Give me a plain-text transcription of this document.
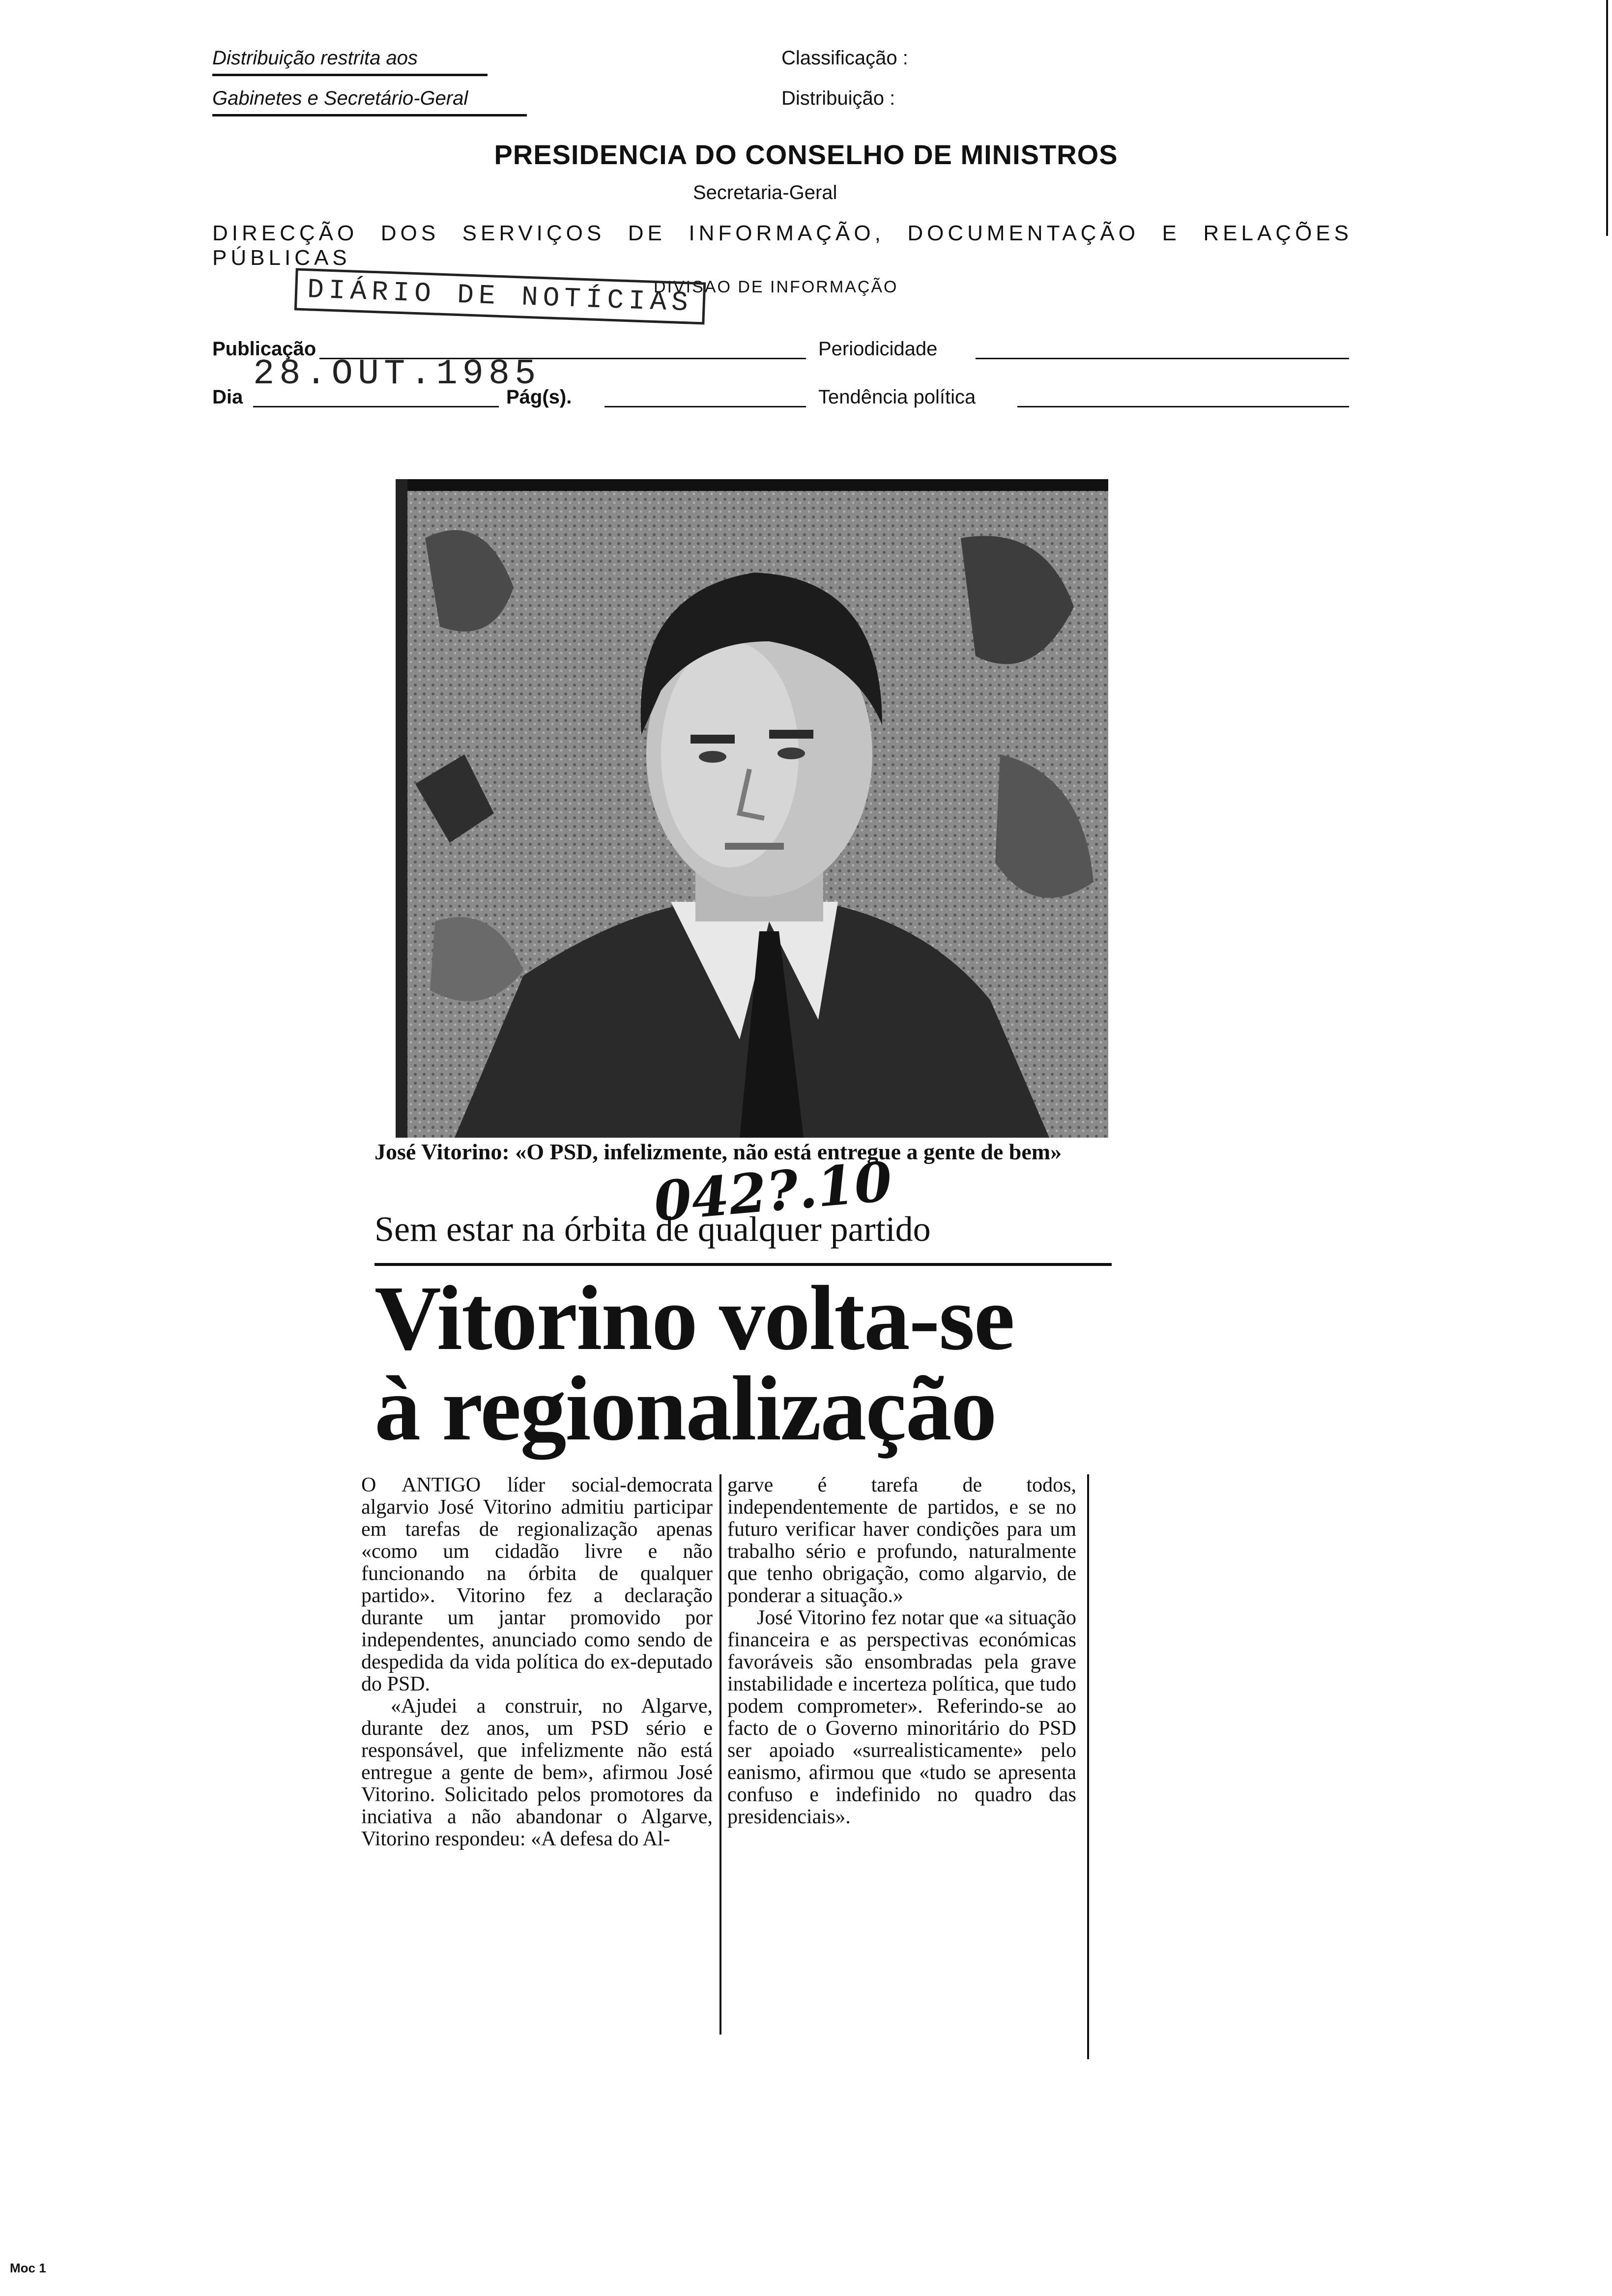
Distribuição restrita aos
Gabinetes e Secretário-Geral
Classificação :
Distribuição :
PRESIDENCIA DO CONSELHO DE MINISTROS
Secretaria-Geral
DIRECÇÃO DOS SERVIÇOS DE INFORMAÇÃO, DOCUMENTAÇÃO E RELAÇÕES PÚBLICAS
DIVISAO DE INFORMAÇÃO
DIÁRIO DE NOTÍCIAS
Publicação	Periodicidade
28.OUT.1985
Dia	Pág(s).	Tendência política
José Vitorino: «O PSD, infelizmente, não está entregue a gente de bem»
042?.10
Sem estar na órbita de qualquer partido
Vitorino volta-se
à regionalização

O ANTIGO líder social-democrata algarvio José Vitorino admitiu participar em tarefas de regionalização apenas «como um cidadão livre e não funcionando na órbita de qualquer partido». Vitorino fez a declaração durante um jantar promovido por independentes, anunciado como sendo de despedida da vida política do ex-deputado do PSD.

«Ajudei a construir, no Algarve, durante dez anos, um PSD sério e responsável, que infelizmente não está entregue a gente de bem», afirmou José Vitorino. Solicitado pelos promotores da inciativa a não abandonar o Algarve, Vitorino respondeu: «A defesa do Al-

garve é tarefa de todos, independentemente de partidos, e se no futuro verificar haver condições para um trabalho sério e profundo, naturalmente que tenho obrigação, como algarvio, de ponderar a situação.»

José Vitorino fez notar que «a situação financeira e as perspectivas económicas favoráveis são ensombradas pela grave instabilidade e incerteza política, que tudo podem comprometer». Referindo-se ao facto de o Governo minoritário do PSD ser apoiado «surrealisticamente» pelo eanismo, afirmou que «tudo se apresenta confuso e indefinido no quadro das presidenciais».

Moc 1
